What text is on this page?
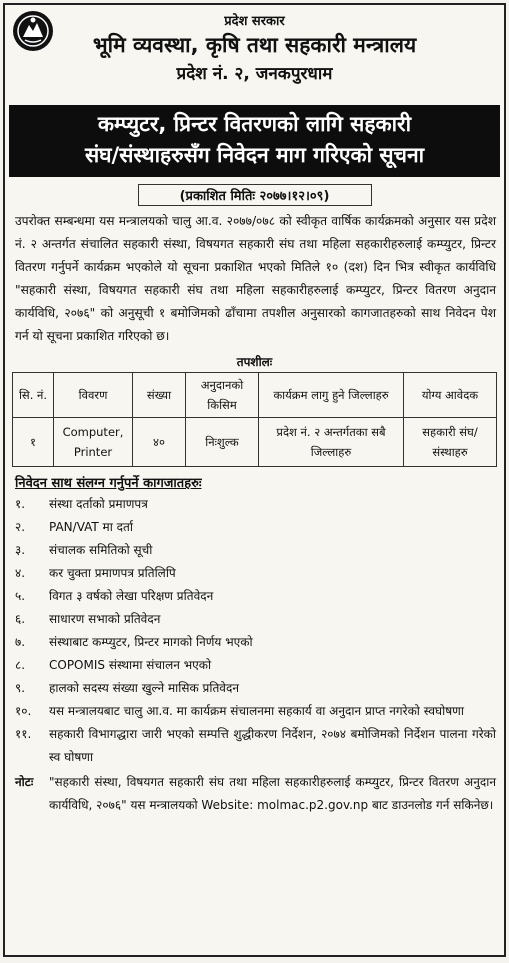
प्रदेश सरकार
भूमि व्यवस्था, कृषि तथा सहकारी मन्त्रालय
प्रदेश नं. २, जनकपुरधाम
कम्प्युटर, प्रिन्टर वितरणको लागि सहकारी
संघ/संस्थाहरुसँग निवेदन माग गरिएको सूचना
(प्रकाशित मितिः २०७७।१२।०९)
उपरोक्त सम्बन्धमा यस मन्त्रालयको चालु आ.व. २०७७/०७८ को स्वीकृत वार्षिक कार्यक्रमको अनुसार यस प्रदेश नं. २ अन्तर्गत संचालित सहकारी संस्था, विषयगत सहकारी संघ तथा महिला सहकारीहरुलाई कम्प्युटर, प्रिन्टर वितरण गर्नुपर्ने कार्यक्रम भएकोले यो सूचना प्रकाशित भएको मितिले १० (दश) दिन भित्र स्वीकृत कार्यविधि "सहकारी संस्था, विषयगत सहकारी संघ तथा महिला सहकारीहरुलाई कम्प्युटर, प्रिन्टर वितरण अनुदान कार्यविधि, २०७६" को अनुसूची १ बमोजिमको ढाँचामा तपशील अनुसारको कागजातहरुको साथ निवेदन पेश गर्न यो सूचना प्रकाशित गरिएको छ।
तपशीलः
सि. नं.	विवरण	संख्या	अनुदानको किसिम	कार्यक्रम लागु हुने जिल्लाहरु	योग्य आवेदक
१	Computer, Printer	४०	निःशुल्क	प्रदेश नं. २ अन्तर्गतका सबै जिल्लाहरु	सहकारी संघ/संस्थाहरु
निवेदन साथ संलग्न गर्नुपर्ने कागजातहरुः
१.	संस्था दर्ताको प्रमाणपत्र
२.	PAN/VAT मा दर्ता
३.	संचालक समितिको सूची
४.	कर चुक्ता प्रमाणपत्र प्रतिलिपि
५.	विगत ३ वर्षको लेखा परिक्षण प्रतिवेदन
६.	साधारण सभाको प्रतिवेदन
७.	संस्थाबाट कम्प्युटर, प्रिन्टर मागको निर्णय भएको
८.	COPOMIS संस्थामा संचालन भएको
९.	हालको सदस्य संख्या खुल्ने मासिक प्रतिवेदन
१०.	यस मन्त्रालयबाट चालु आ.व. मा कार्यक्रम संचालनमा सहकार्य वा अनुदान प्राप्त नगरेको स्वघोषणा
११.	सहकारी विभागद्धारा जारी भएको सम्पत्ति शुद्धीकरण निर्देशन, २०७४ बमोजिमको निर्देशन पालना गरेको स्व घोषणा
नोटः	"सहकारी संस्था, विषयगत सहकारी संघ तथा महिला सहकारीहरुलाई कम्प्युटर, प्रिन्टर वितरण अनुदान कार्यविधि, २०७६" यस मन्त्रालयको Website: molmac.p2.gov.np बाट डाउनलोड गर्न सकिनेछ।
